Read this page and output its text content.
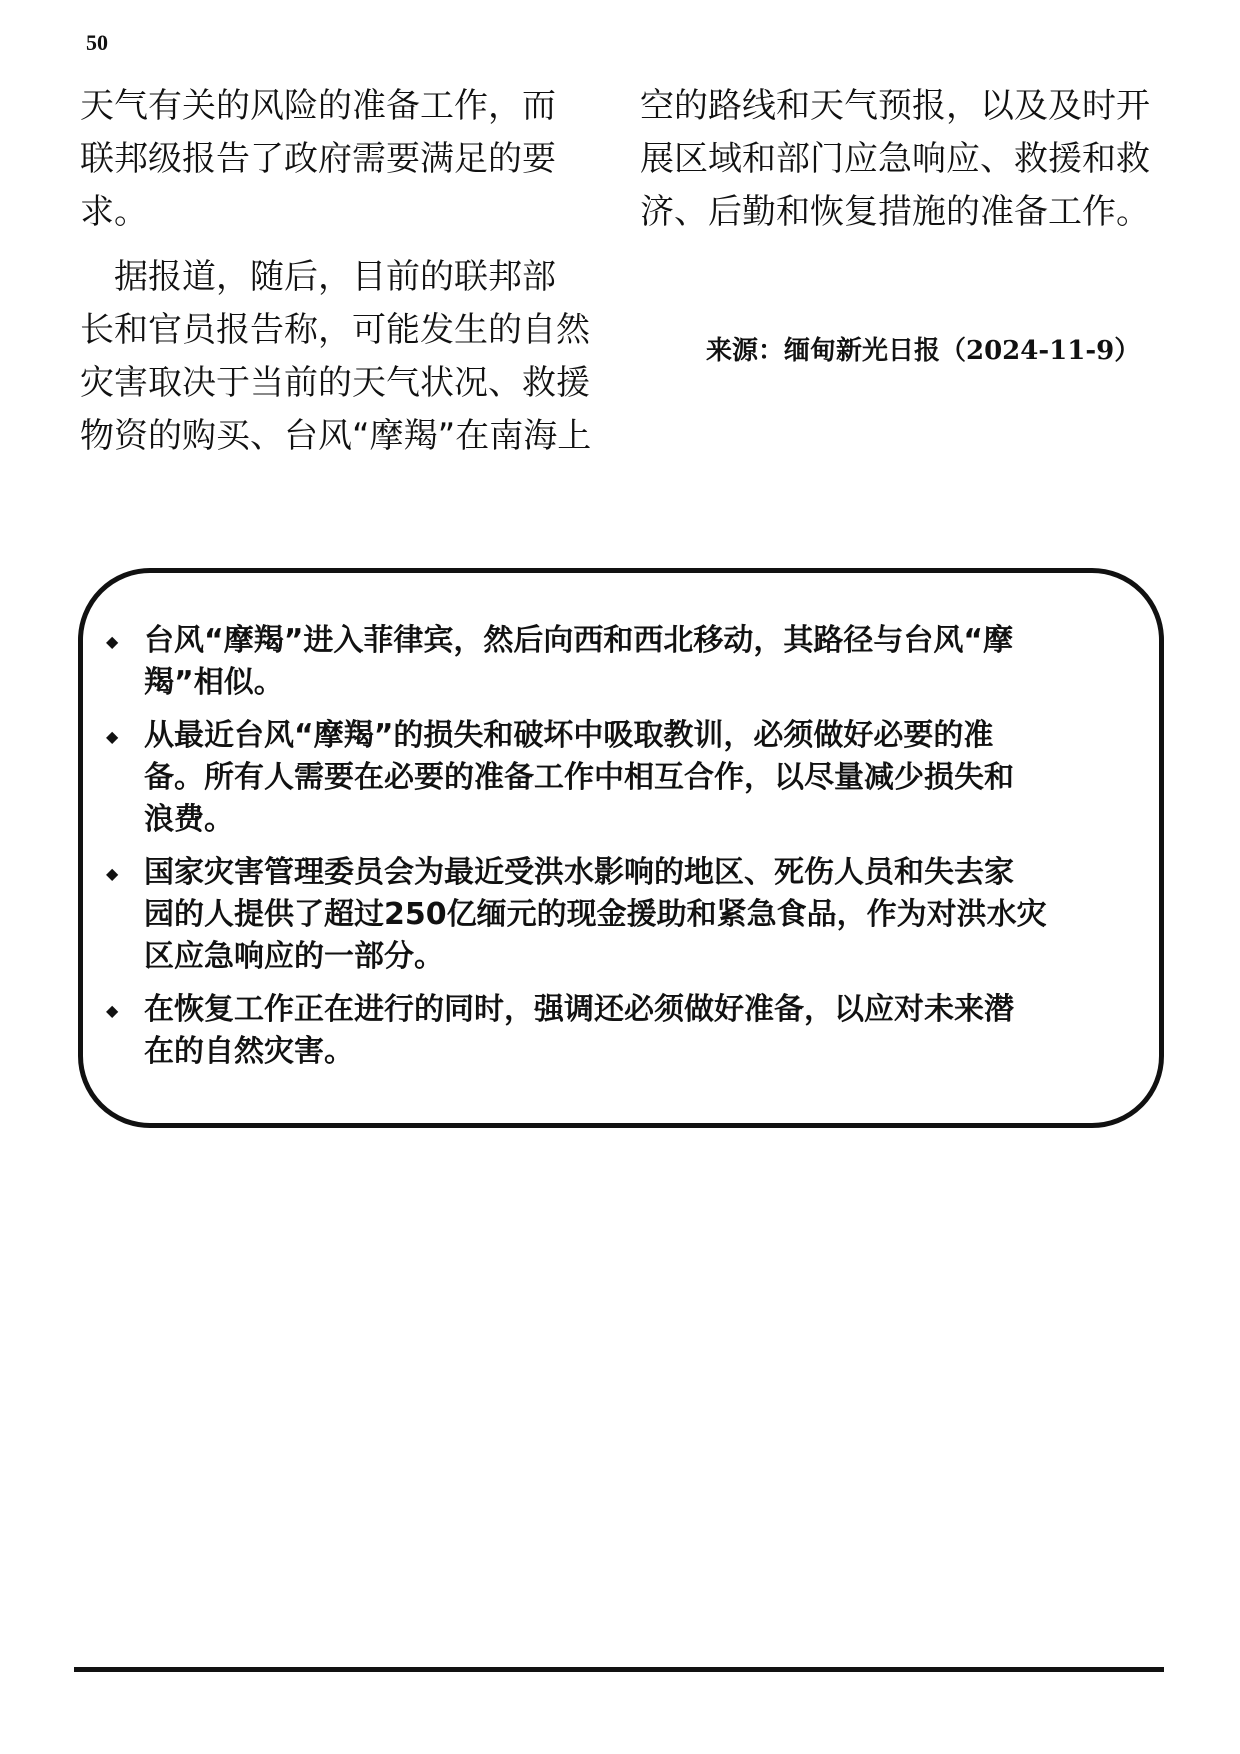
50

天气有关的风险的准备工作，而
联邦级报告了政府需要满足的要
求。

　据报道，随后，目前的联邦部
长和官员报告称，可能发生的自然
灾害取决于当前的天气状况、救援
物资的购买、台风“摩羯”在南海上

空的路线和天气预报，以及及时开
展区域和部门应急响应、救援和救
济、后勤和恢复措施的准备工作。

来源：缅甸新光日报（2024-11-9）
◆ 台风“摩羯”进入菲律宾，然后向西和西北移动，其路径与台风“摩
羯”相似。
◆ 从最近台风“摩羯”的损失和破坏中吸取教训，必须做好必要的准
备。所有人需要在必要的准备工作中相互合作，以尽量减少损失和
浪费。
◆ 国家灾害管理委员会为最近受洪水影响的地区、死伤人员和失去家
园的人提供了超过250亿缅元的现金援助和紧急食品，作为对洪水灾
区应急响应的一部分。
◆ 在恢复工作正在进行的同时，强调还必须做好准备，以应对未来潜
在的自然灾害。
